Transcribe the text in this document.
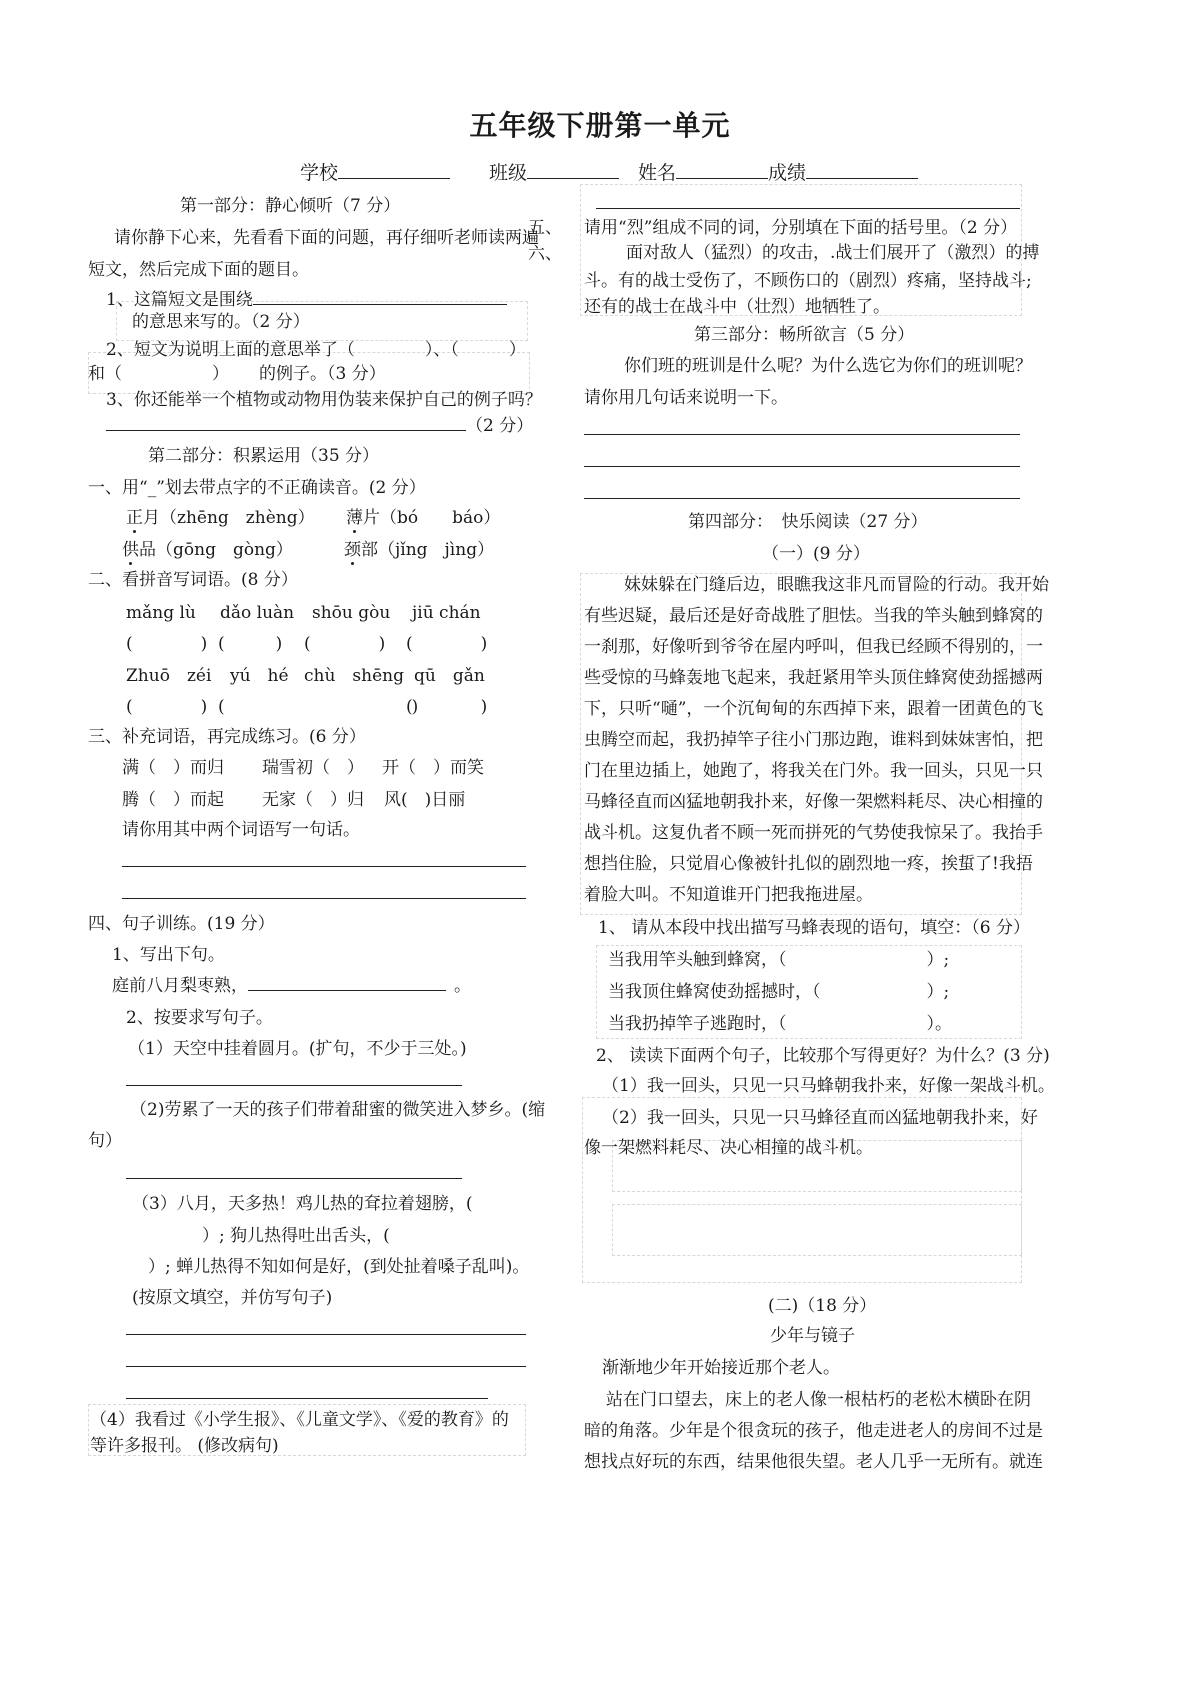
五年级下册第一单元
学校	班级	姓名	成绩
第一部分：静心倾听（7 分）
请你静下心来，先看看下面的问题，再仔细听老师读两遍
短文，然后完成下面的题目。
1、这篇短文是围绕
的意思来写的。（2 分）
2、短文为说明上面的意思举了（	）、（	）
和（	） 的例子。（3 分）
3、你还能举一个植物或动物用伪装来保护自己的例子吗？
（2 分）
第二部分：积累运用（35 分）
一、用“_”划去带点字的不正确读音。(2 分）
正月（zhēng　zhèng） 薄片（bó　　báo）
供品（gōng　gòng）	颈部（jǐng　jìng）
二、看拼音写词语。(8 分）
mǎng lù dǎo luàn shōu gòu jiū chán
(　　　　) (　　　) (　　　　) (　　　　)
Zhuō　zéi yú　hé chù　shēng qū　gǎn
(　　　　) (　　　　　　　　　　　)
(　　　　)
三、补充词语，再完成练习。(6 分）
满（　）而归 瑞雪初（　） 开（　）而笑
腾（　）而起 无家（　）归 风(　)日丽
请你用其中两个词语写一句话。
四、句子训练。(19 分）
1、写出下句。
庭前八月梨枣熟，	。
2、按要求写句子。
（1）天空中挂着圆月。(扩句，不少于三处。)
（2)劳累了一天的孩子们带着甜蜜的微笑进入梦乡。(缩
句）
（3）八月，天多热！鸡儿热的耷拉着翅膀，(
）; 狗儿热得吐出舌头，(
）; 蝉儿热得不知如何是好，(到处扯着嗓子乱叫)。
(按原文填空，并仿写句子)
（4）我看过《小学生报》、《儿童文学》、《爱的教育》的
等许多报刊。 (修改病句)
五、
六、
请用“烈”组成不同的词，分别填在下面的括号里。（2 分）
面对敌人（猛烈）的攻击，.战士们展开了（激烈）的搏
斗。有的战士受伤了，不顾伤口的（剧烈）疼痛，坚持战斗;
还有的战士在战斗中（壮烈）地牺牲了。
第三部分：畅所欲言（5 分）
你们班的班训是什么呢？为什么选它为你们的班训呢？
请你用几句话来说明一下。
第四部分：　快乐阅读（27 分）
（一）(9 分）
妹妹躲在门缝后边，眼瞧我这非凡而冒险的行动。我开始
有些迟疑，最后还是好奇战胜了胆怯。当我的竿头触到蜂窝的
一刹那，好像听到爷爷在屋内呼叫，但我已经顾不得别的，一
些受惊的马蜂轰地飞起来，我赶紧用竿头顶住蜂窝使劲摇撼两
下，只听“嗵”，一个沉甸甸的东西掉下来，跟着一团黄色的飞
虫腾空而起，我扔掉竿子往小门那边跑，谁料到妹妹害怕，把
门在里边插上，她跑了，将我关在门外。我一回头，只见一只
马蜂径直而凶猛地朝我扑来，好像一架燃料耗尽、决心相撞的
战斗机。这复仇者不顾一死而拼死的气势使我惊呆了。我抬手
想挡住脸，只觉眉心像被针扎似的剧烈地一疼，挨蜇了!我捂
着脸大叫。不知道谁开门把我拖进屋。
1、 请从本段中找出描写马蜂表现的语句，填空：（6 分）
当我用竿头触到蜂窝，（	）;
当我顶住蜂窝使劲摇撼时，（	）;
当我扔掉竿子逃跑时，（	）。
2、 读读下面两个句子，比较那个写得更好？为什么？(3 分)
（1）我一回头，只见一只马蜂朝我扑来，好像一架战斗机。
（2）我一回头，只见一只马蜂径直而凶猛地朝我扑来，好
像一架燃料耗尽、决心相撞的战斗机。
(二)（18 分）
少年与镜子
渐渐地少年开始接近那个老人。
站在门口望去，床上的老人像一根枯朽的老松木横卧在阴
暗的角落。少年是个很贪玩的孩子，他走进老人的房间不过是
想找点好玩的东西，结果他很失望。老人几乎一无所有。就连
